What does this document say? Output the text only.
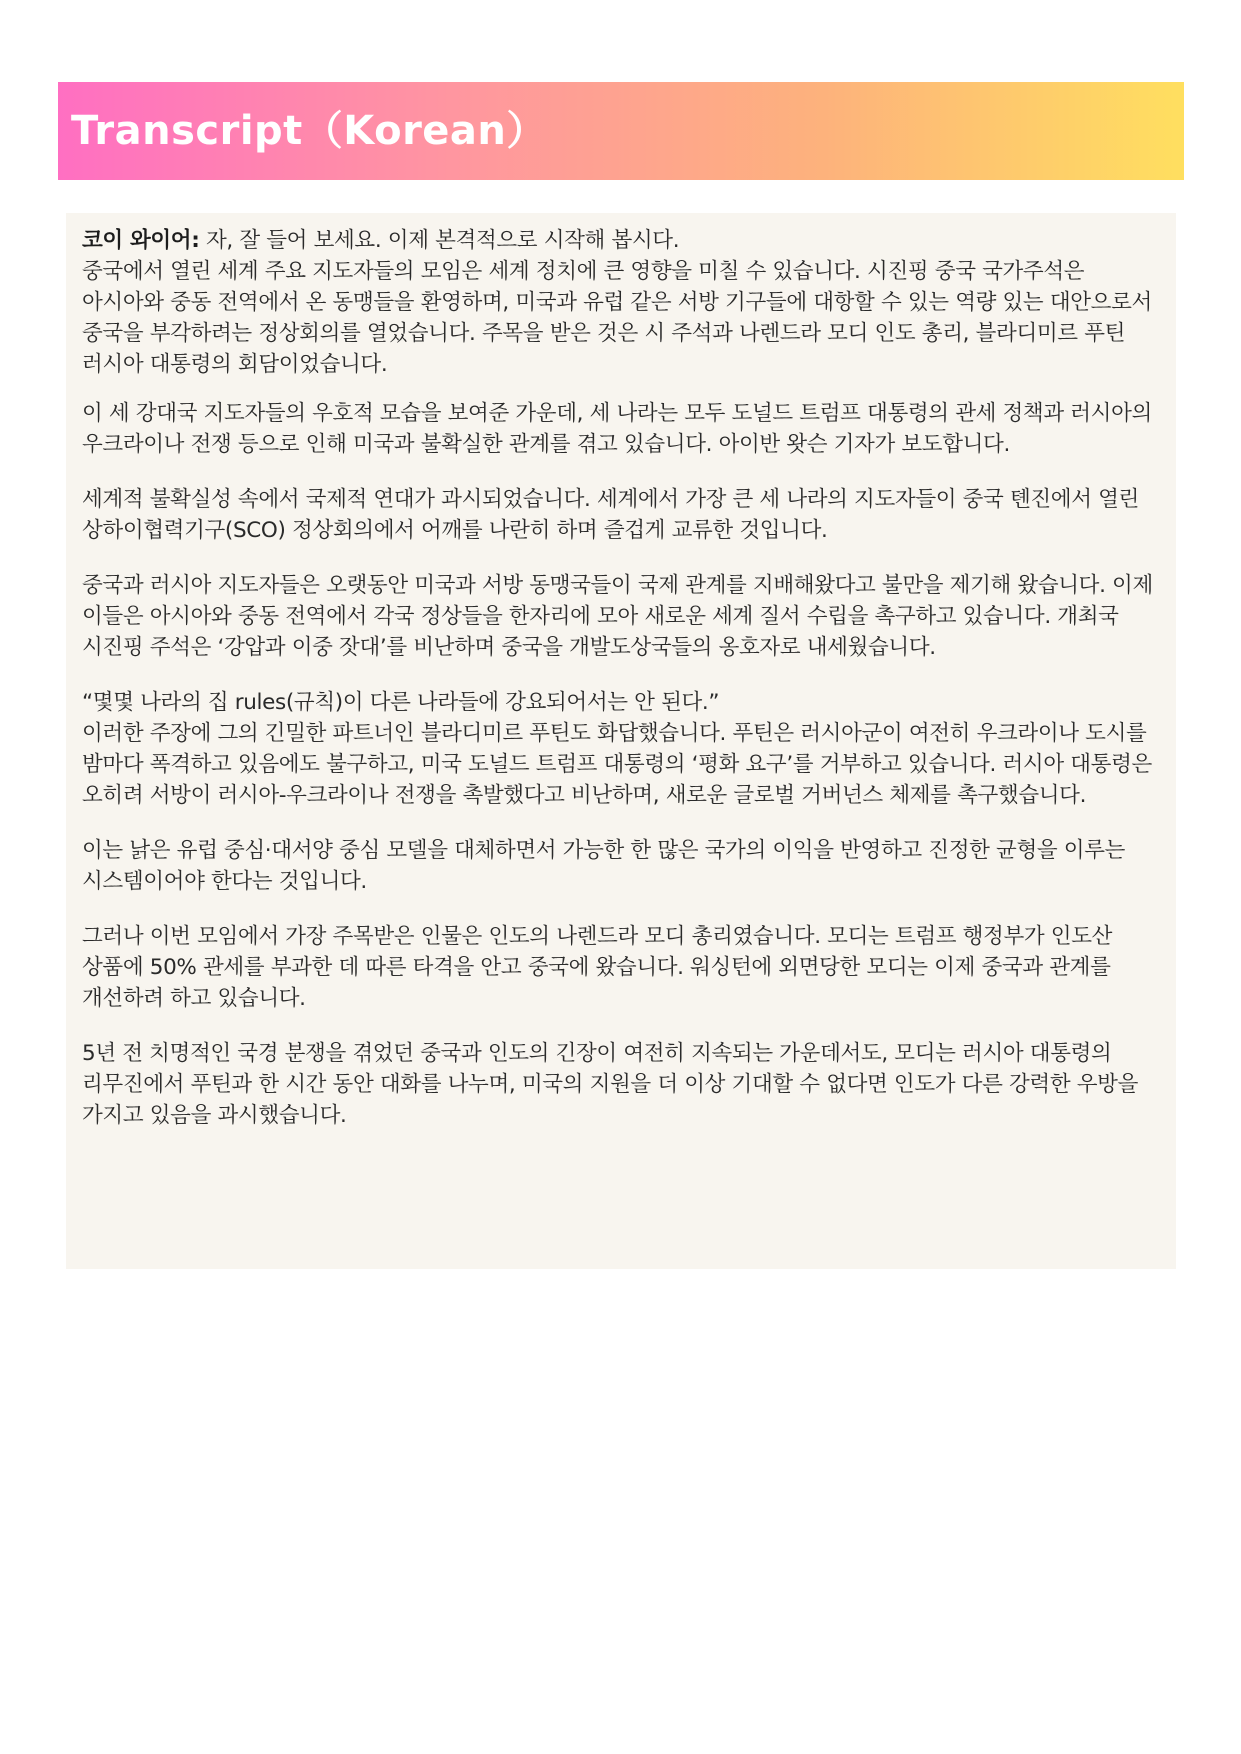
Transcript（Korean）

코이 와이어: 자, 잘 들어 보세요. 이제 본격적으로 시작해 봅시다.
중국에서 열린 세계 주요 지도자들의 모임은 세계 정치에 큰 영향을 미칠 수 있습니다. 시진핑 중국 국가주석은 아시아와 중동 전역에서 온 동맹들을 환영하며, 미국과 유럽 같은 서방 기구들에 대항할 수 있는 역량 있는 대안으로서 중국을 부각하려는 정상회의를 열었습니다. 주목을 받은 것은 시 주석과 나렌드라 모디 인도 총리, 블라디미르 푸틴 러시아 대통령의 회담이었습니다.

이 세 강대국 지도자들의 우호적 모습을 보여준 가운데, 세 나라는 모두 도널드 트럼프 대통령의 관세 정책과 러시아의 우크라이나 전쟁 등으로 인해 미국과 불확실한 관계를 겪고 있습니다. 아이반 왓슨 기자가 보도합니다.

세계적 불확실성 속에서 국제적 연대가 과시되었습니다. 세계에서 가장 큰 세 나라의 지도자들이 중국 톈진에서 열린 상하이협력기구(SCO) 정상회의에서 어깨를 나란히 하며 즐겁게 교류한 것입니다.

중국과 러시아 지도자들은 오랫동안 미국과 서방 동맹국들이 국제 관계를 지배해왔다고 불만을 제기해 왔습니다. 이제 이들은 아시아와 중동 전역에서 각국 정상들을 한자리에 모아 새로운 세계 질서 수립을 촉구하고 있습니다. 개최국 시진핑 주석은 ‘강압과 이중 잣대’를 비난하며 중국을 개발도상국들의 옹호자로 내세웠습니다.

“몇몇 나라의 집 rules(규칙)이 다른 나라들에 강요되어서는 안 된다.”
이러한 주장에 그의 긴밀한 파트너인 블라디미르 푸틴도 화답했습니다. 푸틴은 러시아군이 여전히 우크라이나 도시를 밤마다 폭격하고 있음에도 불구하고, 미국 도널드 트럼프 대통령의 ‘평화 요구’를 거부하고 있습니다. 러시아 대통령은 오히려 서방이 러시아-우크라이나 전쟁을 촉발했다고 비난하며, 새로운 글로벌 거버넌스 체제를 촉구했습니다.

이는 낡은 유럽 중심·대서양 중심 모델을 대체하면서 가능한 한 많은 국가의 이익을 반영하고 진정한 균형을 이루는 시스템이어야 한다는 것입니다.

그러나 이번 모임에서 가장 주목받은 인물은 인도의 나렌드라 모디 총리였습니다. 모디는 트럼프 행정부가 인도산 상품에 50% 관세를 부과한 데 따른 타격을 안고 중국에 왔습니다. 워싱턴에 외면당한 모디는 이제 중국과 관계를 개선하려 하고 있습니다.

5년 전 치명적인 국경 분쟁을 겪었던 중국과 인도의 긴장이 여전히 지속되는 가운데서도, 모디는 러시아 대통령의 리무진에서 푸틴과 한 시간 동안 대화를 나누며, 미국의 지원을 더 이상 기대할 수 없다면 인도가 다른 강력한 우방을 가지고 있음을 과시했습니다.
